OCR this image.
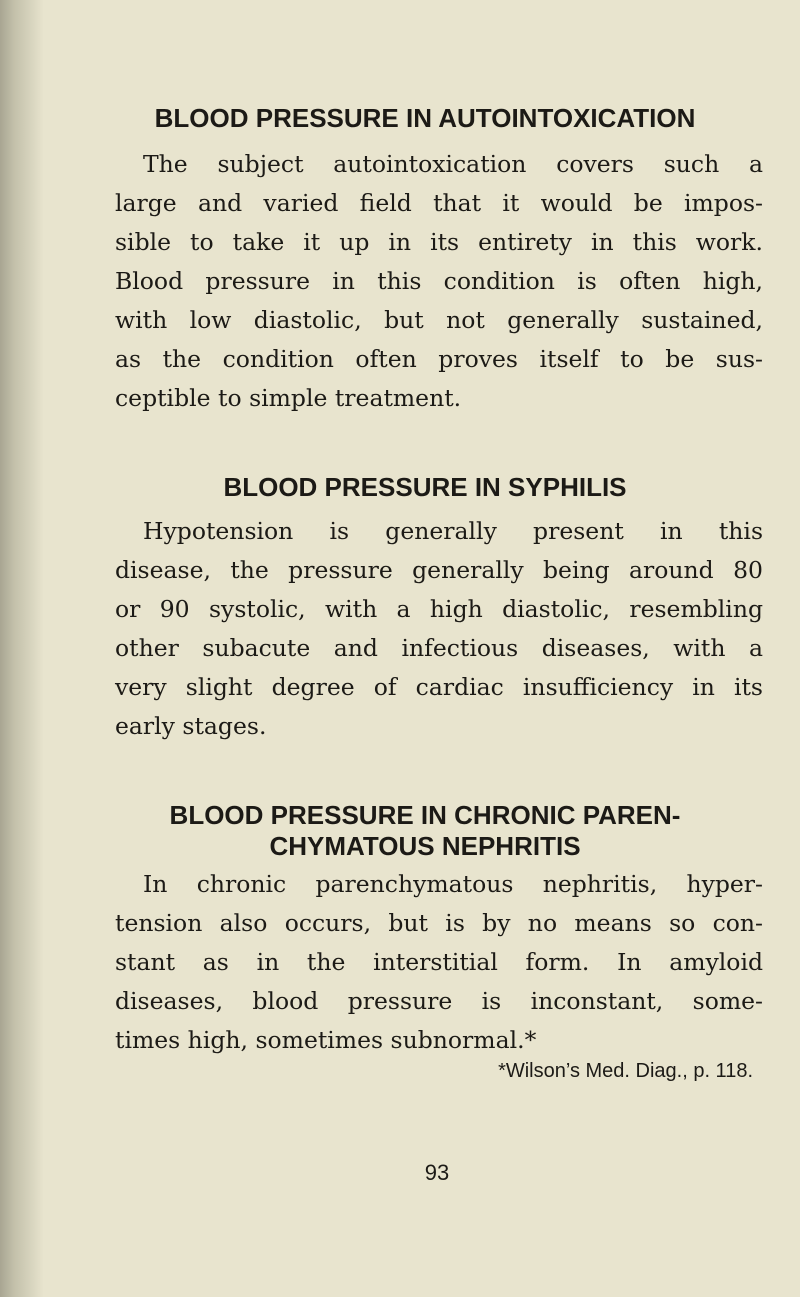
BLOOD PRESSURE IN AUTOINTOXICATION

The subject autointoxication covers such a
large and varied field that it would be impos-
sible to take it up in its entirety in this work.
Blood pressure in this condition is often high,
with low diastolic, but not generally sustained,
as the condition often proves itself to be sus-
ceptible to simple treatment.

BLOOD PRESSURE IN SYPHILIS

Hypotension is generally present in this
disease, the pressure generally being around 80
or 90 systolic, with a high diastolic, resembling
other subacute and infectious diseases, with a
very slight degree of cardiac insufficiency in its
early stages.

BLOOD PRESSURE IN CHRONIC PAREN-
CHYMATOUS NEPHRITIS

In chronic parenchymatous nephritis, hyper-
tension also occurs, but is by no means so con-
stant as in the interstitial form. In amyloid
diseases, blood pressure is inconstant, some-
times high, sometimes subnormal.*

*Wilson’s Med. Diag., p. 118.

93
